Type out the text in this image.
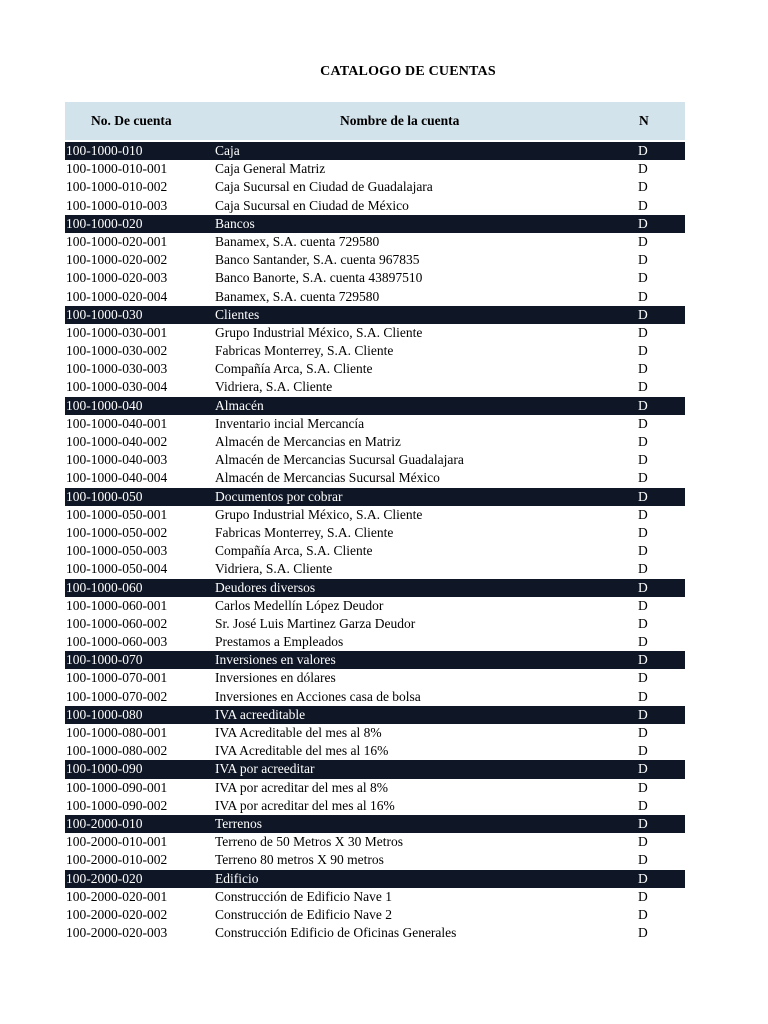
CATALOGO DE CUENTAS
No. De cuenta	Nombre de la cuenta	N
100-1000-010	Caja	D
100-1000-010-001	Caja General Matriz	D
100-1000-010-002	Caja Sucursal en Ciudad de Guadalajara	D
100-1000-010-003	Caja Sucursal en Ciudad de México	D
100-1000-020	Bancos	D
100-1000-020-001	Banamex, S.A. cuenta 729580	D
100-1000-020-002	Banco Santander, S.A. cuenta 967835	D
100-1000-020-003	Banco Banorte, S.A. cuenta 43897510	D
100-1000-020-004	Banamex, S.A. cuenta 729580	D
100-1000-030	Clientes	D
100-1000-030-001	Grupo Industrial México, S.A. Cliente	D
100-1000-030-002	Fabricas Monterrey, S.A. Cliente	D
100-1000-030-003	Compañía Arca, S.A. Cliente	D
100-1000-030-004	Vidriera, S.A. Cliente	D
100-1000-040	Almacén	D
100-1000-040-001	Inventario incial Mercancía	D
100-1000-040-002	Almacén de Mercancias en Matriz	D
100-1000-040-003	Almacén de Mercancias Sucursal Guadalajara	D
100-1000-040-004	Almacén de Mercancias Sucursal México	D
100-1000-050	Documentos por cobrar	D
100-1000-050-001	Grupo Industrial México, S.A. Cliente	D
100-1000-050-002	Fabricas Monterrey, S.A. Cliente	D
100-1000-050-003	Compañía Arca, S.A. Cliente	D
100-1000-050-004	Vidriera, S.A. Cliente	D
100-1000-060	Deudores diversos	D
100-1000-060-001	Carlos Medellín López Deudor	D
100-1000-060-002	Sr. José Luis Martinez Garza Deudor	D
100-1000-060-003	Prestamos a Empleados	D
100-1000-070	Inversiones en valores	D
100-1000-070-001	Inversiones en dólares	D
100-1000-070-002	Inversiones en Acciones casa de bolsa	D
100-1000-080	IVA acreeditable	D
100-1000-080-001	IVA Acreditable del mes al 8%	D
100-1000-080-002	IVA Acreditable del mes al 16%	D
100-1000-090	IVA por acreeditar	D
100-1000-090-001	IVA por acreditar del mes al 8%	D
100-1000-090-002	IVA por acreditar del mes al 16%	D
100-2000-010	Terrenos	D
100-2000-010-001	Terreno de 50 Metros X 30 Metros	D
100-2000-010-002	Terreno 80 metros X 90 metros	D
100-2000-020	Edificio	D
100-2000-020-001	Construcción de Edificio Nave 1	D
100-2000-020-002	Construcción de Edificio Nave 2	D
100-2000-020-003	Construcción Edificio de Oficinas Generales	D
